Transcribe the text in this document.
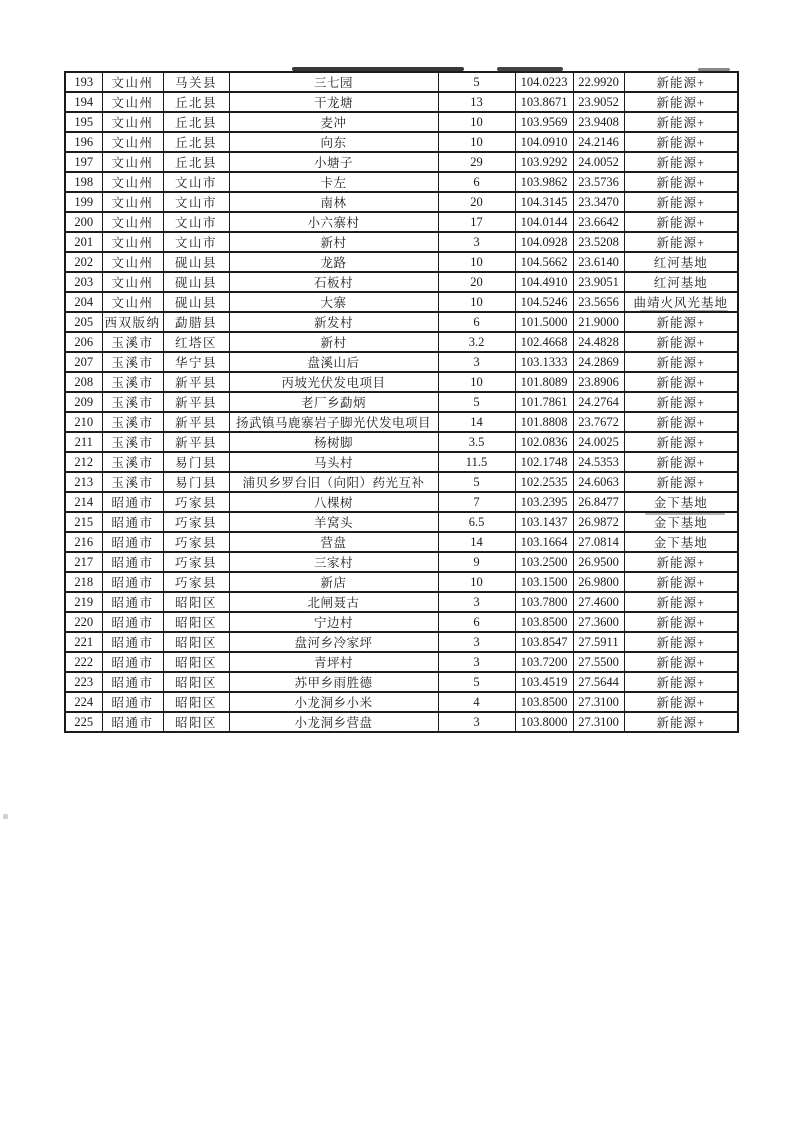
193	文山州	马关县	三七园	5	104.0223	22.9920	新能源+
194	文山州	丘北县	干龙塘	13	103.8671	23.9052	新能源+
195	文山州	丘北县	麦冲	10	103.9569	23.9408	新能源+
196	文山州	丘北县	向东	10	104.0910	24.2146	新能源+
197	文山州	丘北县	小塘子	29	103.9292	24.0052	新能源+
198	文山州	文山市	卡左	6	103.9862	23.5736	新能源+
199	文山州	文山市	南林	20	104.3145	23.3470	新能源+
200	文山州	文山市	小六寨村	17	104.0144	23.6642	新能源+
201	文山州	文山市	新村	3	104.0928	23.5208	新能源+
202	文山州	砚山县	龙路	10	104.5662	23.6140	红河基地
203	文山州	砚山县	石板村	20	104.4910	23.9051	红河基地
204	文山州	砚山县	大寨	10	104.5246	23.5656	曲靖火风光基地
205	西双版纳	勐腊县	新发村	6	101.5000	21.9000	新能源+
206	玉溪市	红塔区	新村	3.2	102.4668	24.4828	新能源+
207	玉溪市	华宁县	盘溪山后	3	103.1333	24.2869	新能源+
208	玉溪市	新平县	丙坡光伏发电项目	10	101.8089	23.8906	新能源+
209	玉溪市	新平县	老厂乡勐炳	5	101.7861	24.2764	新能源+
210	玉溪市	新平县	扬武镇马鹿寨岩子脚光伏发电项目	14	101.8808	23.7672	新能源+
211	玉溪市	新平县	杨树脚	3.5	102.0836	24.0025	新能源+
212	玉溪市	易门县	马头村	11.5	102.1748	24.5353	新能源+
213	玉溪市	易门县	浦贝乡罗台旧（向阳）药光互补	5	102.2535	24.6063	新能源+
214	昭通市	巧家县	八棵树	7	103.2395	26.8477	金下基地
215	昭通市	巧家县	羊窝头	6.5	103.1437	26.9872	金下基地
216	昭通市	巧家县	营盘	14	103.1664	27.0814	金下基地
217	昭通市	巧家县	三家村	9	103.2500	26.9500	新能源+
218	昭通市	巧家县	新店	10	103.1500	26.9800	新能源+
219	昭通市	昭阳区	北闸聂古	3	103.7800	27.4600	新能源+
220	昭通市	昭阳区	宁边村	6	103.8500	27.3600	新能源+
221	昭通市	昭阳区	盘河乡冷家坪	3	103.8547	27.5911	新能源+
222	昭通市	昭阳区	青坪村	3	103.7200	27.5500	新能源+
223	昭通市	昭阳区	苏甲乡雨胜德	5	103.4519	27.5644	新能源+
224	昭通市	昭阳区	小龙洞乡小米	4	103.8500	27.3100	新能源+
225	昭通市	昭阳区	小龙洞乡营盘	3	103.8000	27.3100	新能源+
